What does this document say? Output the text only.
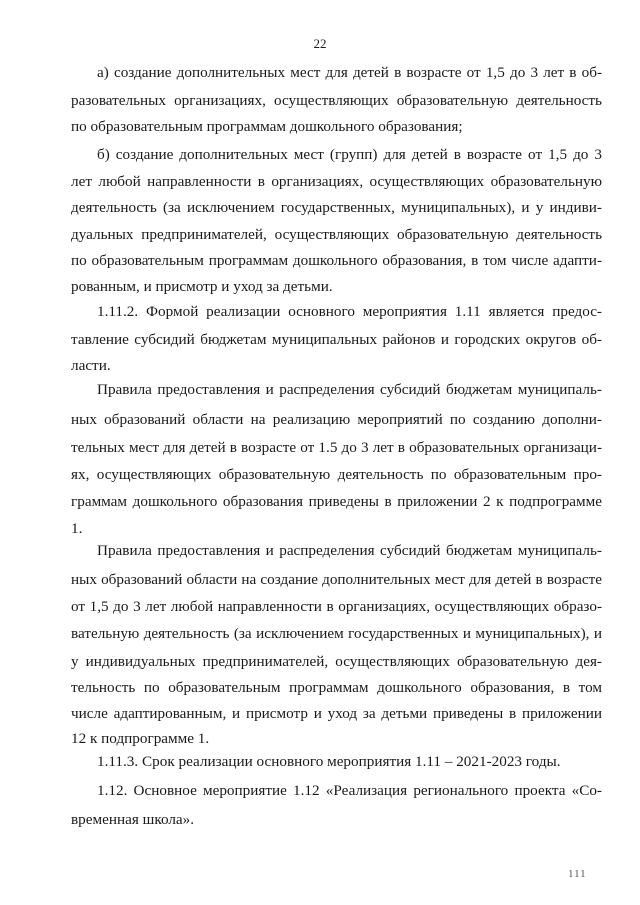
22
а) создание дополнительных мест для детей в возрасте от 1,5 до 3 лет в об-
разовательных организациях, осуществляющих образовательную деятельность
по образовательным программам дошкольного образования;
б) создание дополнительных мест (групп) для детей в возрасте от 1,5 до 3
лет любой направленности в организациях, осуществляющих образовательную
деятельность (за исключением государственных, муниципальных), и у индиви-
дуальных предпринимателей, осуществляющих образовательную деятельность
по образовательным программам дошкольного образования, в том числе адапти-
рованным, и присмотр и уход за детьми.
1.11.2. Формой реализации основного мероприятия 1.11 является предос-
тавление субсидий бюджетам муниципальных районов и городских округов об-
ласти.
Правила предоставления и распределения субсидий бюджетам муниципаль-
ных образований области на реализацию мероприятий по созданию дополни-
тельных мест для детей в возрасте от 1.5 до 3 лет в образовательных организаци-
ях, осуществляющих образовательную деятельность по образовательным про-
граммам дошкольного образования приведены в приложении 2 к подпрограмме
1.
Правила предоставления и распределения субсидий бюджетам муниципаль-
ных образований области на создание дополнительных мест для детей в возрасте
от 1,5 до 3 лет любой направленности в организациях, осуществляющих образо-
вательную деятельность (за исключением государственных и муниципальных), и
у индивидуальных предпринимателей, осуществляющих образовательную дея-
тельность по образовательным программам дошкольного образования, в том
числе адаптированным, и присмотр и уход за детьми приведены в приложении
12 к подпрограмме 1.
1.11.3. Срок реализации основного мероприятия 1.11 – 2021-2023 годы.
1.12. Основное мероприятие 1.12 «Реализация регионального проекта «Со-
временная школа».
111
